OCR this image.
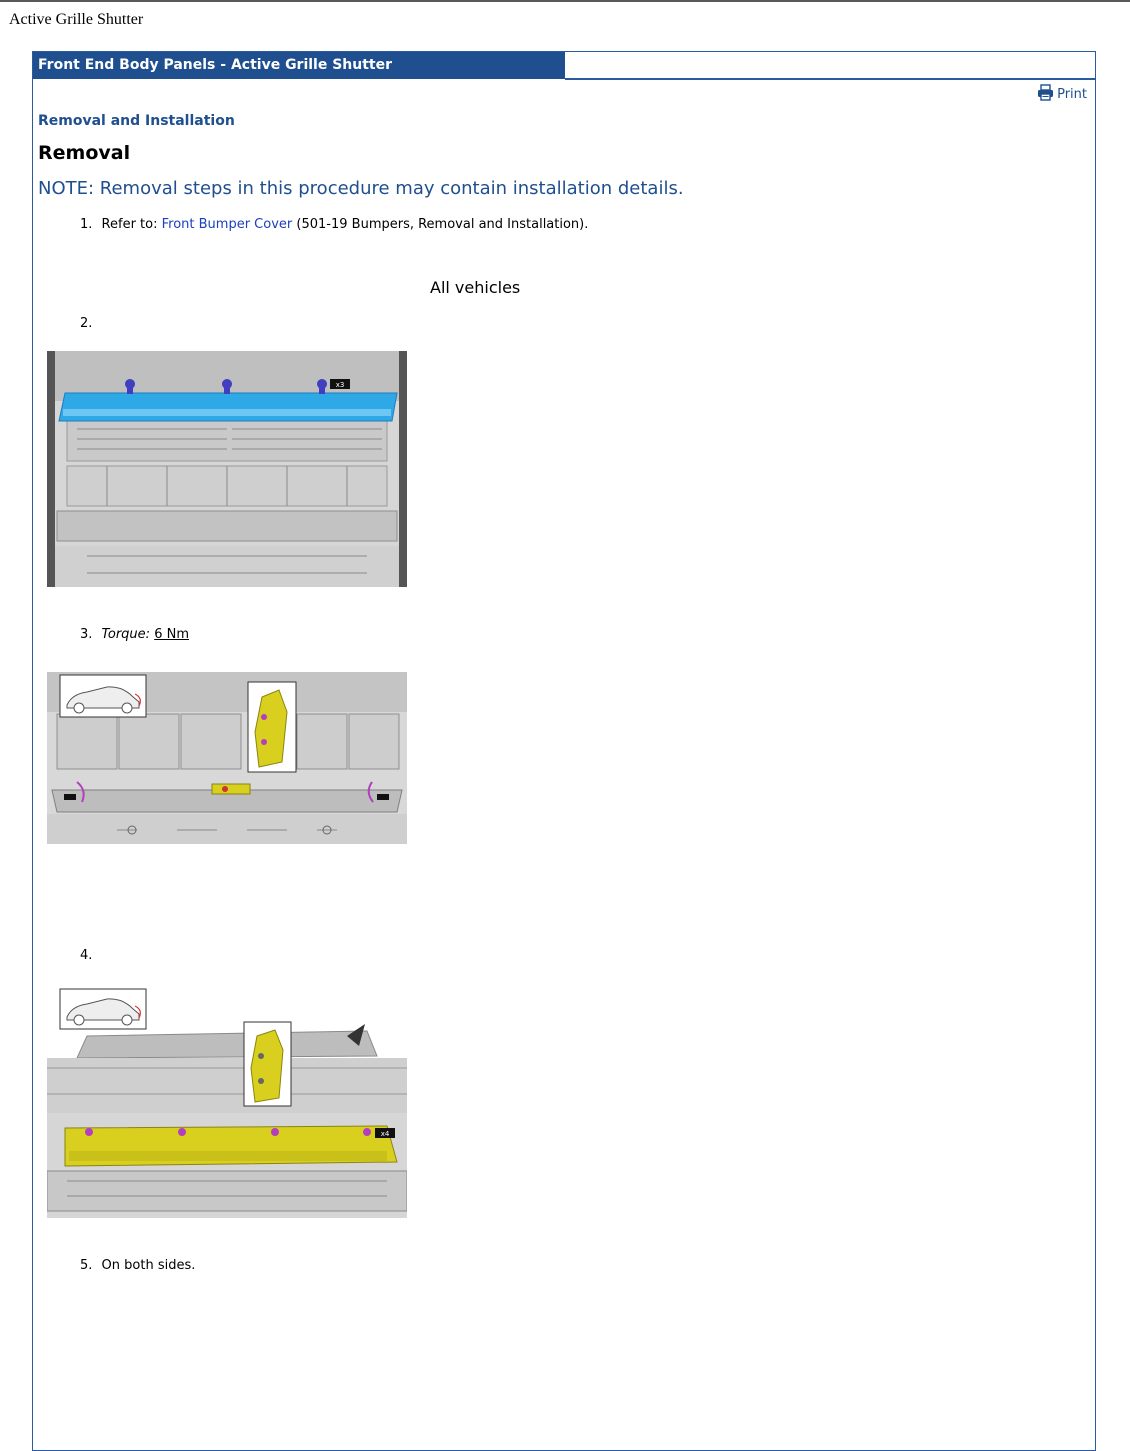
Active Grille Shutter
Front End Body Panels - Active Grille Shutter
Print
Removal and Installation
Removal
NOTE: Removal steps in this procedure may contain installation details.
1. Refer to: Front Bumper Cover (501-19 Bumpers, Removal and Installation).
All vehicles
2.
x3
3. Torque: 6 Nm
4.
x4
5. On both sides.
